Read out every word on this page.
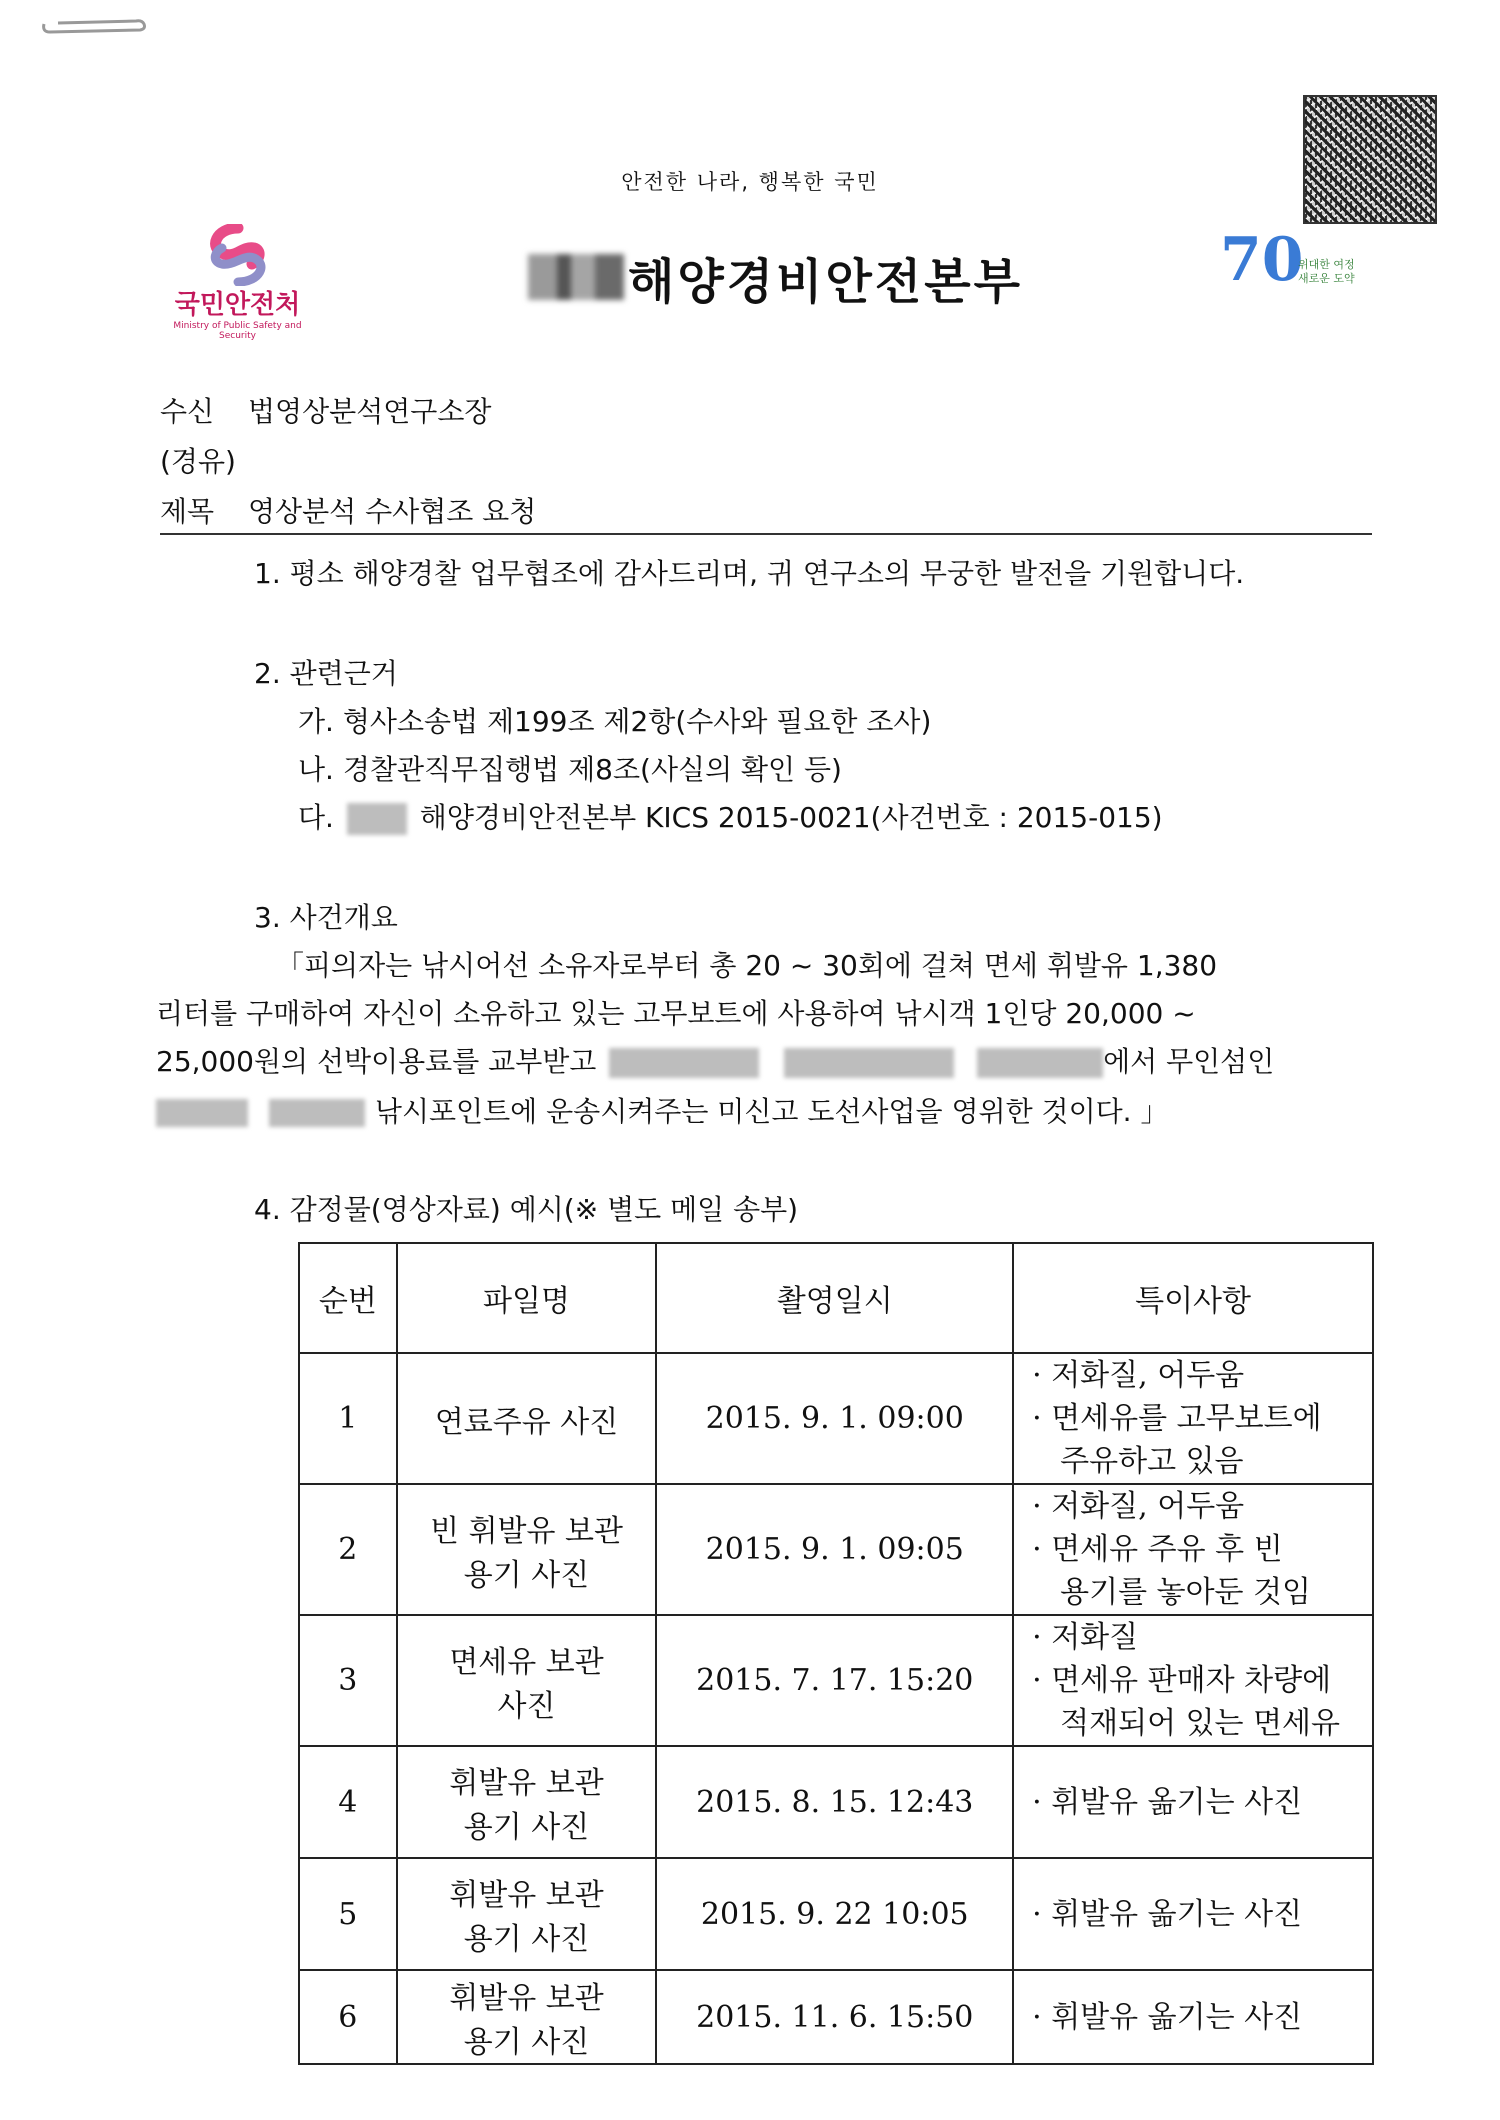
안전한 나라, 행복한 국민
국민안전처
Ministry of Public Safety and Security
해양경비안전본부	70
위대한 여정
새로운 도약
수신 법영상분석연구소장
(경유)
제목 영상분석 수사협조 요청
1. 평소 해양경찰 업무협조에 감사드리며, 귀 연구소의 무궁한 발전을 기원합니다.
2. 관련근거
가. 형사소송법 제199조 제2항(수사와 필요한 조사)
나. 경찰관직무집행법 제8조(사실의 확인 등)
다.	해양경비안전본부 KICS 2015-0021(사건번호 : 2015-015)
3. 사건개요
「피의자는 낚시어선 소유자로부터 총 20 ~ 30회에 걸쳐 면세 휘발유 1,380
리터를 구매하여 자신이 소유하고 있는 고무보트에 사용하여 낚시객 1인당 20,000 ~
25,000원의 선박이용료를 교부받고	에서 무인섬인
낚시포인트에 운송시켜주는 미신고 도선사업을 영위한 것이다. 」
4. 감정물(영상자료) 예시(※ 별도 메일 송부)
순번	파일명	촬영일시	특이사항
1	연료주유 사진	2015. 9. 1. 09:00	· 저화질, 어두움
· 면세유를 고무보트에
주유하고 있음

2	빈 휘발유 보관
용기 사진	2015. 9. 1. 09:05	· 저화질, 어두움
· 면세유 주유 후 빈
용기를 놓아둔 것임

3	면세유 보관
사진	2015. 7. 17. 15:20	· 저화질
· 면세유 판매자 차량에
적재되어 있는 면세유

4	휘발유 보관
용기 사진	2015. 8. 15. 12:43	· 휘발유 옮기는 사진

5	휘발유 보관
용기 사진	2015. 9. 22 10:05	· 휘발유 옮기는 사진

6	휘발유 보관
용기 사진	2015. 11. 6. 15:50	· 휘발유 옮기는 사진
